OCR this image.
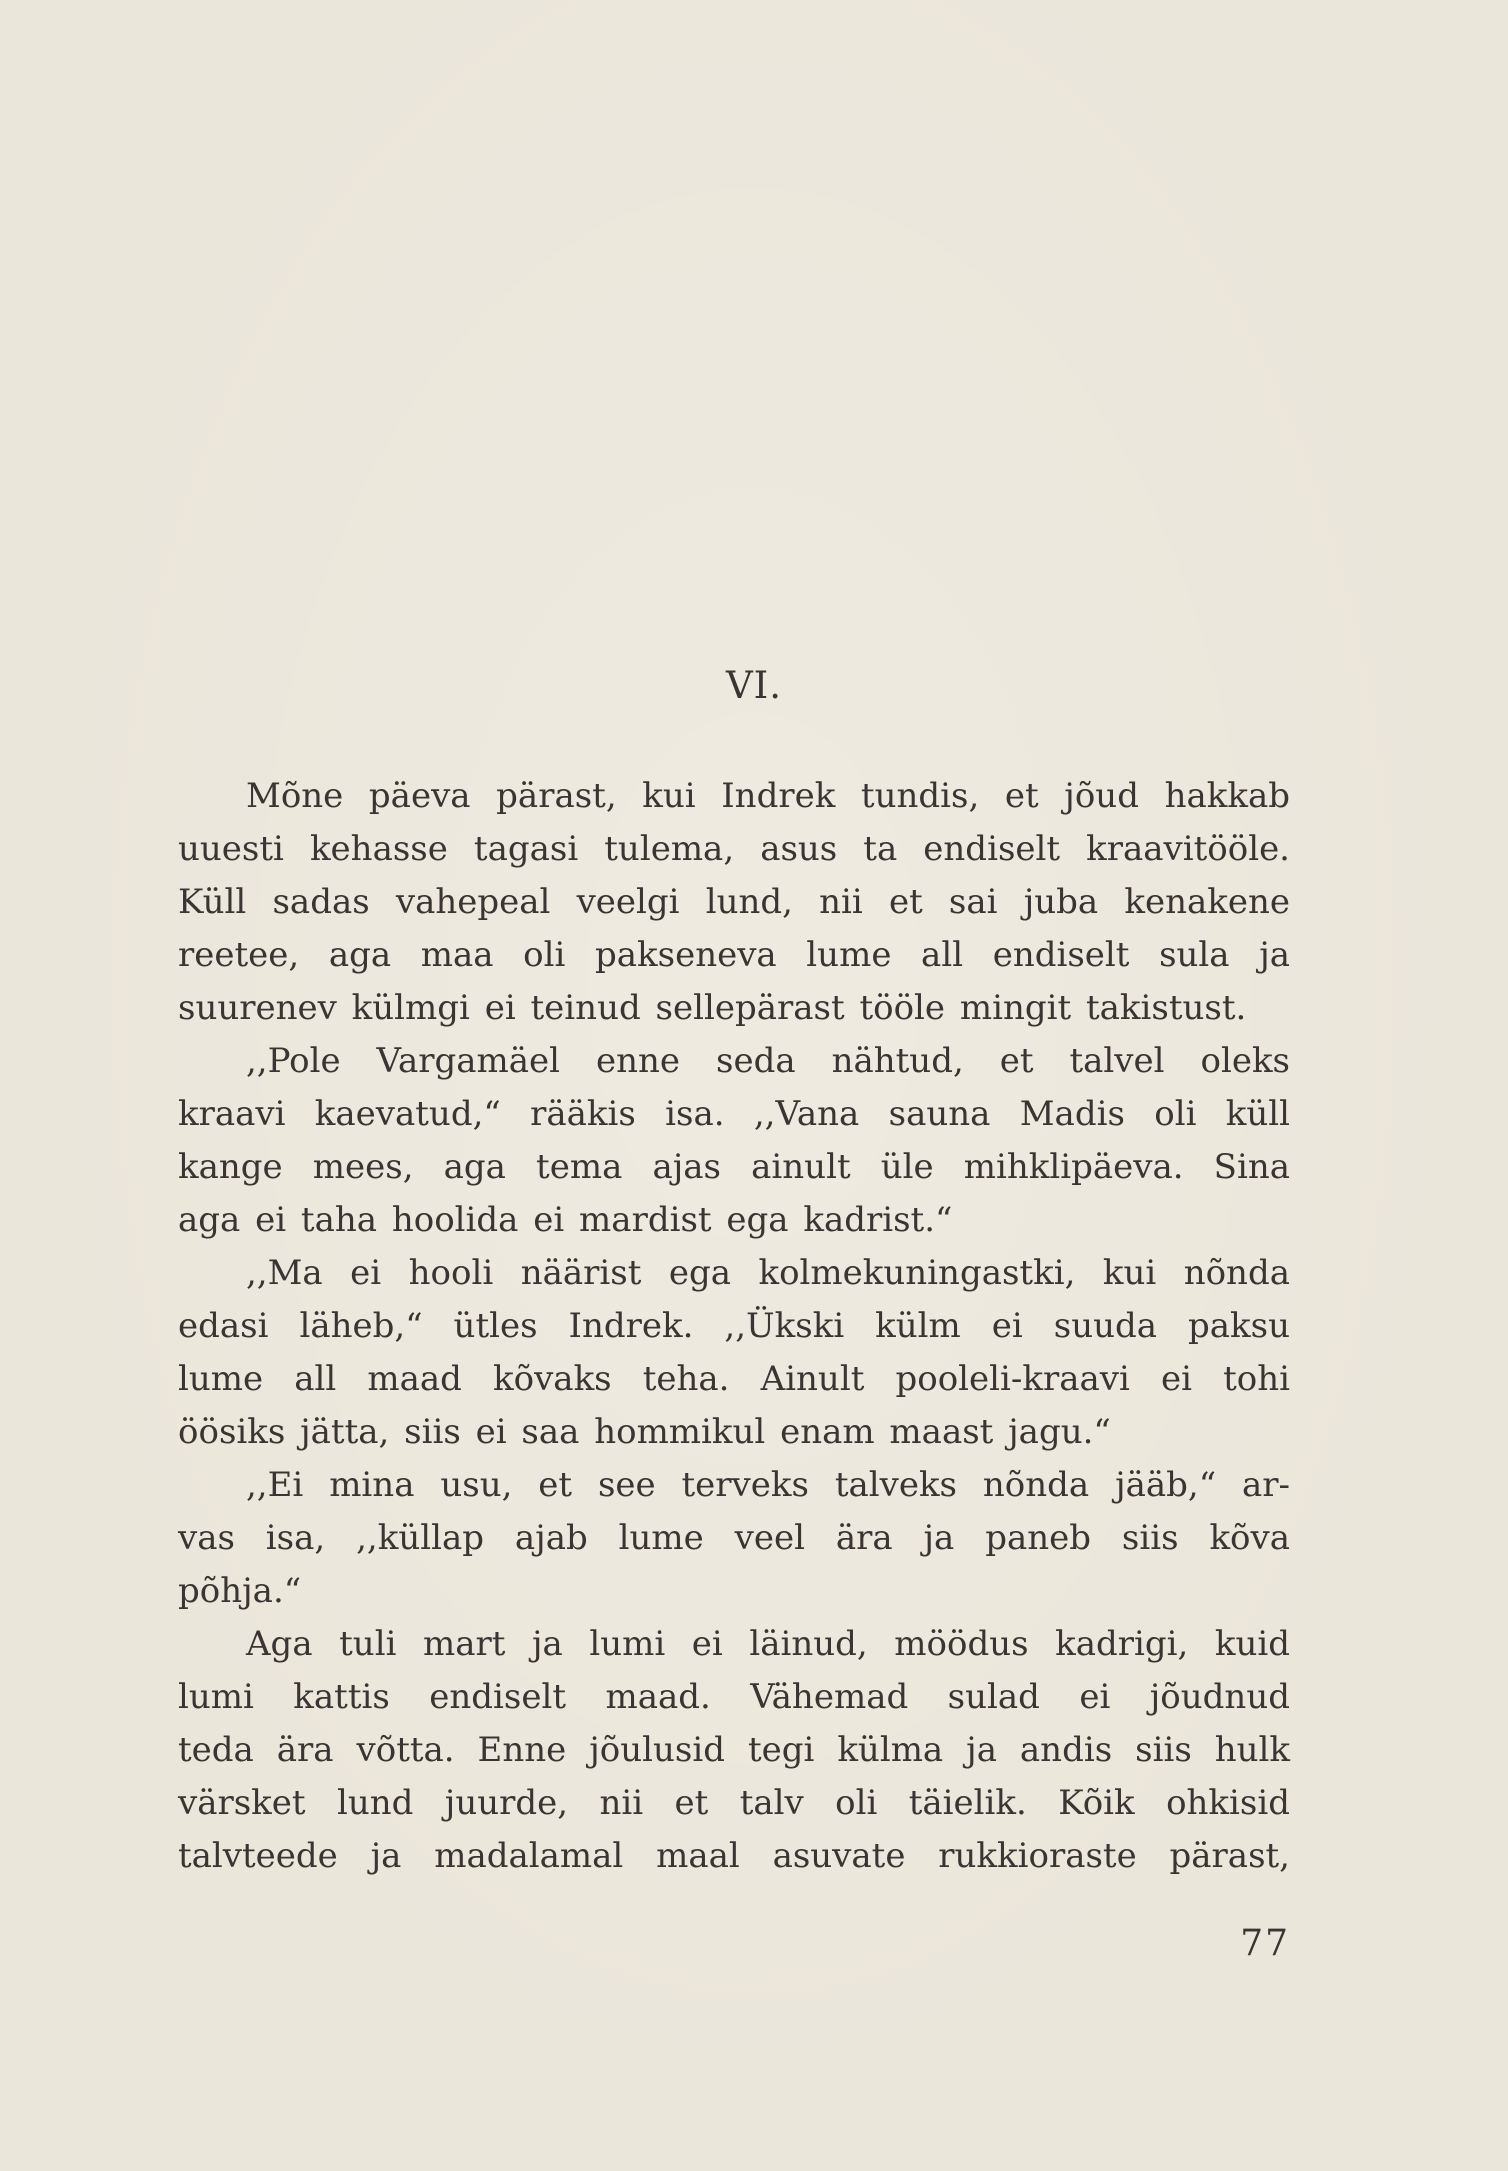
VI.
Mõne päeva pärast, kui Indrek tundis, et jõud hakkab
uuesti kehasse tagasi tulema, asus ta endiselt kraavitööle.
Küll sadas vahepeal veelgi lund, nii et sai juba kenakene
reetee, aga maa oli pakseneva lume all endiselt sula ja
suurenev külmgi ei teinud sellepärast tööle mingit takistust.
,,Pole Vargamäel enne seda nähtud, et talvel oleks
kraavi kaevatud,“ rääkis isa. ,,Vana sauna Madis oli küll
kange mees, aga tema ajas ainult üle mihklipäeva. Sina
aga ei taha hoolida ei mardist ega kadrist.“
,,Ma ei hooli näärist ega kolmekuningastki, kui nõnda
edasi läheb,“ ütles Indrek. ,,Ükski külm ei suuda paksu
lume all maad kõvaks teha. Ainult pooleli-kraavi ei tohi
öösiks jätta, siis ei saa hommikul enam maast jagu.“
,,Ei mina usu, et see terveks talveks nõnda jääb,“ ar-
vas isa, ,,küllap ajab lume veel ära ja paneb siis kõva
põhja.“
Aga tuli mart ja lumi ei läinud, möödus kadrigi, kuid
lumi kattis endiselt maad. Vähemad sulad ei jõudnud
teda ära võtta. Enne jõulusid tegi külma ja andis siis hulk
värsket lund juurde, nii et talv oli täielik. Kõik ohkisid
talvteede ja madalamal maal asuvate rukkioraste pärast,
77
